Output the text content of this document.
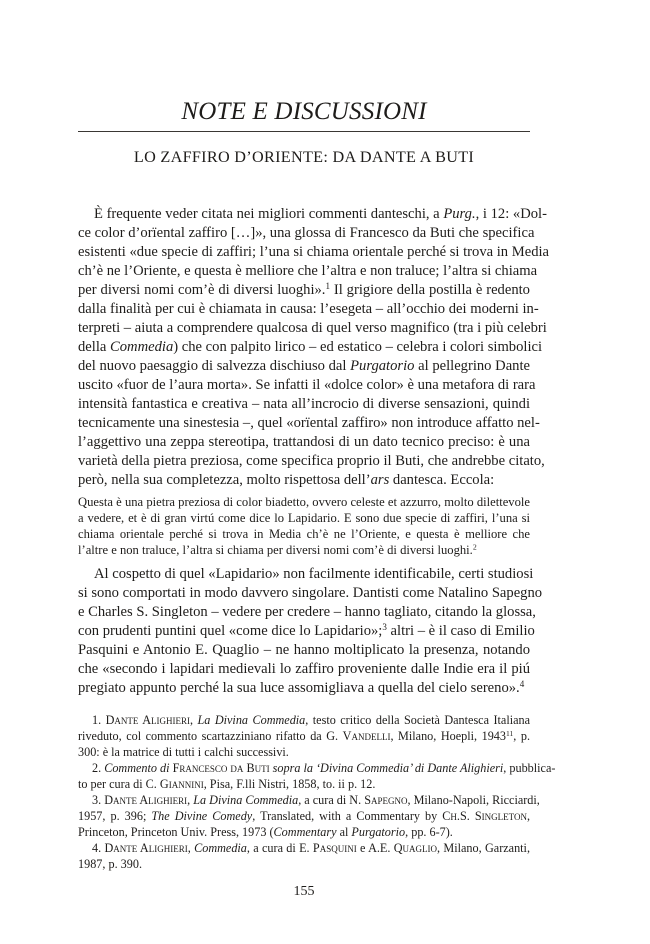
NOTE E DISCUSSIONI
LO ZAFFIRO D’ORIENTE: DA DANTE A BUTI
È frequente veder citata nei migliori commenti danteschi, a Purg., i 12: «Dol-
ce color d’orïental zaffiro […]», una glossa di Francesco da Buti che specifica
esistenti «due specie di zaffiri; l’una si chiama orientale perché si trova in Media
ch’è ne l’Oriente, e questa è melliore che l’altra e non traluce; l’altra si chiama
per diversi nomi com’è di diversi luoghi».$^1$ Il grigiore della postilla è redento
dalla finalità per cui è chiamata in causa: l’esegeta – all’occhio dei moderni in-
terpreti – aiuta a comprendere qualcosa di quel verso magnifico (tra i più celebri
della Commedia) che con palpito lirico – ed estatico – celebra i colori simbolici
del nuovo paesaggio di salvezza dischiuso dal Purgatorio al pellegrino Dante
uscito «fuor de l’aura morta». Se infatti il «dolce color» è una metafora di rara
intensità fantastica e creativa – nata all’incrocio di diverse sensazioni, quindi
tecnicamente una sinestesia –, quel «orïental zaffiro» non introduce affatto nel-
l’aggettivo una zeppa stereotipa, trattandosi di un dato tecnico preciso: è una
varietà della pietra preziosa, come specifica proprio il Buti, che andrebbe citato,
però, nella sua completezza, molto rispettosa dell’ars dantesca. Eccola:
Questa è una pietra preziosa di color biadetto, ovvero celeste et azzurro, molto dilettevole
a vedere, et è di gran virtú come dice lo Lapidario. E sono due specie di zaffiri, l’una si
chiama orientale perché si trova in Media ch’è ne l’Oriente, e questa è melliore che
l’altre e non traluce, l’altra si chiama per diversi nomi com’è di diversi luoghi.$^2$
Al cospetto di quel «Lapidario» non facilmente identificabile, certi studiosi
si sono comportati in modo davvero singolare. Dantisti come Natalino Sapegno
e Charles S. Singleton – vedere per credere – hanno tagliato, citando la glossa,
con prudenti puntini quel «come dice lo Lapidario»;$^3$ altri – è il caso di Emilio
Pasquini e Antonio E. Quaglio – ne hanno moltiplicato la presenza, notando
che «secondo i lapidari medievali lo zaffiro proveniente dalle Indie era il piú
pregiato appunto perché la sua luce assomigliava a quella del cielo sereno».$^4$
1. Dante Alighieri, La Divina Commedia, testo critico della Società Dantesca Italiana
riveduto, col commento scartazziniano rifatto da G. Vandelli, Milano, Hoepli, 1943$^{11}$, p.
300: è la matrice di tutti i calchi successivi.
2. Commento di Francesco da Buti sopra la ‘Divina Commedia’ di Dante Alighieri, pubblica-
to per cura di C. Giannini, Pisa, F.lli Nistri, 1858, to. ii p. 12.
3. Dante Alighieri, La Divina Commedia, a cura di N. Sapegno, Milano-Napoli, Ricciardi,
1957, p. 396; The Divine Comedy, Translated, with a Commentary by Ch.S. Singleton,
Princeton, Princeton Univ. Press, 1973 (Commentary al Purgatorio, pp. 6-7).
4. Dante Alighieri, Commedia, a cura di E. Pasquini e A.E. Quaglio, Milano, Garzanti,
1987, p. 390.
155
